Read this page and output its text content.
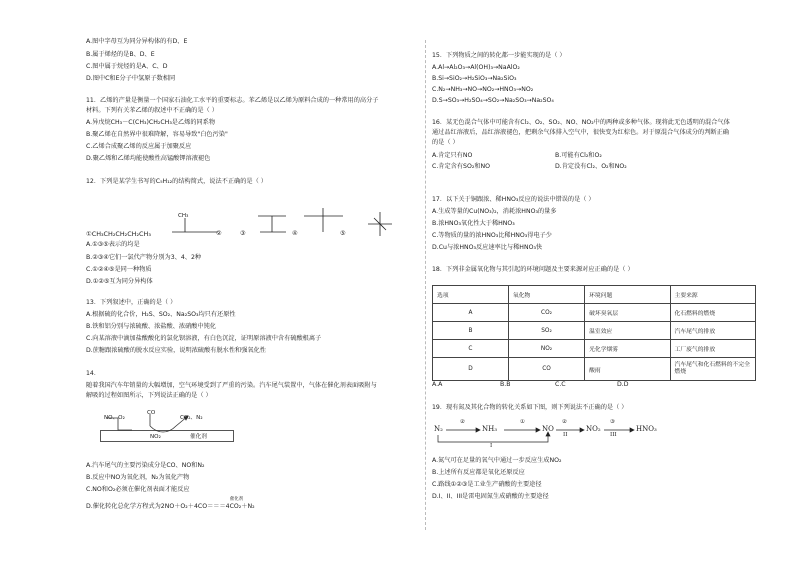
A.图中字母互为同分异构体的有D、E
B.属于烯烃的是B、D、E
C.图中属于烷烃的是A、C、D
D.图中C和E分子中氢原子数相同
11．乙烯的产量是衡量一个国家石油化工水平的重要标志。苯乙烯是以乙烯为原料合成的一种常用的高分子
材料。下列有关苯乙烯的叙述中不正确的是（ ）
A.异戊烷CH₃－C(CH₃)CH₂CH₃是乙烯的同系物
B.聚乙烯在自然界中很难降解，容易导致"白色污染"
C.乙烯合成聚乙烯的反应属于加聚反应
D.聚乙烯和乙烯均能使酸性高锰酸钾溶液褪色
12．下列是某学生书写的C₅H₁₂的结构简式，说法不正确的是（ ）
①CH₃CH₂CH₂CH₂CH₃
CH₃
②	④	⑤
③
A.①③⑤表示的均是
B.②③④它们一氯代产物分别为3、4、2种
C.①②④⑤是同一种物质
D.①②⑤互为同分异构体
13．下列叙述中，正确的是（ ）
A.根据硫的化合价，H₂S、SO₂、Na₂SO₃均只有还原性
B.铁和铝分别与浓硫酸、浓盐酸、浓硝酸中钝化
C.向某溶液中滴加盐酸酸化的氯化钡溶液，有白色沉淀，证明原溶液中含有硫酸根离子
D.蔗糖跟浓硫酸的脱水反应实验，说明浓硫酸有脱水性和强氧化性
14．
随着我国汽车年销量的大幅增加，空气环境受到了严重的污染。汽车尾气装置中，气体在催化剂表面吸附与
解吸的过程如图所示，下列说法正确的是（ ）
NO、O₂
CO
CO₂、N₂
NO₂	催化剂
A.汽车尾气的主要污染成分是CO、NO和N₂
B.反应中NO为氧化剂，N₂为氧化产物
C.NO和O₂必须在催化剂表面才能反应
催化剂
D.催化转化总化学方程式为2NO＋O₂＋4CO＝＝＝4CO₂＋N₂
15．下列物质之间的转化都一步能实现的是（ ）
A.Al→Al₂O₃→Al(OH)₃→NaAlO₂
B.Si→SiO₂→H₂SiO₃→Na₂SiO₃
C.N₂→NH₃→NO→NO₂→HNO₃→NO₂
D.S→SO₃→H₂SO₄→SO₂→Na₂SO₃→Na₂SO₄
16．某无色混合气体中可能含有Cl₂、O₂、SO₂、NO、NO₂中的两种或多种气体。现将此无色透明的混合气体
通过品红溶液后，品红溶液褪色，把剩余气体排入空气中，很快变为红棕色。对于原混合气体成分的判断正确
的是（ ）
A.肯定只有NO	B.可能有Cl₂和O₂
C.肯定含有SO₂和NO	D.肯定没有Cl₂、O₂和NO₂
17．以下关于铜跟浓、稀HNO₃反应的说法中错误的是（ ）
A.生成等量的Cu(NO₃)₂，消耗浓HNO₃的量多
B.浓HNO₃氧化性大于稀HNO₃
C.等物质的量的浓HNO₃比稀HNO₃得电子少
D.Cu与浓HNO₃反应速率比与稀HNO₃快
18．下列非金属氧化物与其引起的环境问题及主要来源对应正确的是（ ）
选项	氧化物	环境问题	主要来源
A	CO₂	破坏臭氧层	化石燃料的燃烧
B	SO₂	温室效应	汽车尾气的排放
C	NO₂	光化学烟雾	工厂废气的排放
D	CO	酸雨	汽车尾气和化石燃料的不完全燃烧
A.A	B.B	C.C	D.D
19．现有氮及其化合物的转化关系如下图，则下列说法不正确的是（ ）
N₂
②
NH₃
①
NO
②
II
NO₂
③
III
HNO₃
I
A.氮气可在足量的氧气中通过一步反应生成NO₂
B.上述所有反应都是氧化还原反应
C.路线①②③是工业生产硝酸的主要途径
D.I、II、III是雷电固氮生成硝酸的主要途径
